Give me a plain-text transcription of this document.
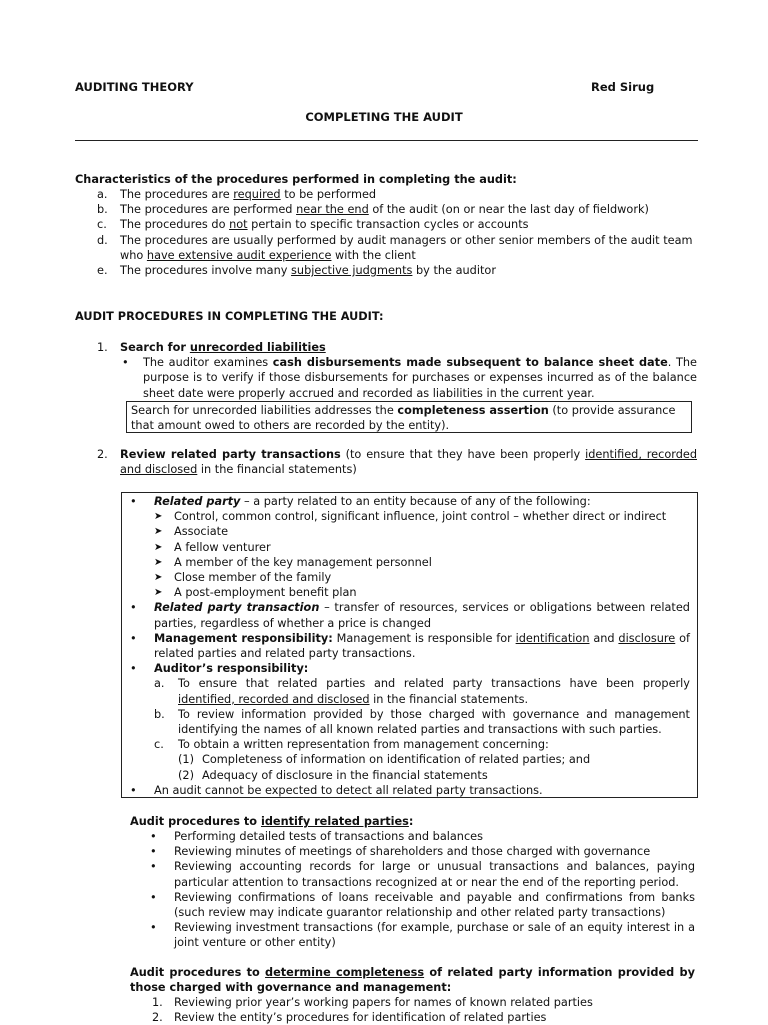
AUDITING THEORY	Red Sirug
COMPLETING THE AUDIT
Characteristics of the procedures performed in completing the audit:
a. The procedures are required to be performed
b. The procedures are performed near the end of the audit (on or near the last day of fieldwork)
c. The procedures do not pertain to specific transaction cycles or accounts
d. The procedures are usually performed by audit managers or other senior members of the audit team who have extensive audit experience with the client
e. The procedures involve many subjective judgments by the auditor
AUDIT PROCEDURES IN COMPLETING THE AUDIT:
1. Search for unrecorded liabilities
•
The auditor examines cash disbursements made subsequent to balance sheet date. The purpose is to verify if those disbursements for purchases or expenses incurred as of the balance sheet date were properly accrued and recorded as liabilities in the current year.
Search for unrecorded liabilities addresses the completeness assertion (to provide assurance that amount owed to others are recorded by the entity).
2. Review related party transactions (to ensure that they have been properly identified, recorded and disclosed in the financial statements)
•
Related party – a party related to an entity because of any of the following:
➤ Control, common control, significant influence, joint control – whether direct or indirect
➤ Associate
➤ A fellow venturer
➤ A member of the key management personnel
➤ Close member of the family
➤ A post-employment benefit plan
•
Related party transaction – transfer of resources, services or obligations between related parties, regardless of whether a price is changed
•
Management responsibility: Management is responsible for identification and disclosure of related parties and related party transactions.
•
Auditor’s responsibility:
a. To ensure that related parties and related party transactions have been properly identified, recorded and disclosed in the financial statements.
b. To review information provided by those charged with governance and management identifying the names of all known related parties and transactions with such parties.
c. To obtain a written representation from management concerning:
(1) Completeness of information on identification of related parties; and
(2) Adequacy of disclosure in the financial statements
•
An audit cannot be expected to detect all related party transactions.
Audit procedures to identify related parties:
•
Performing detailed tests of transactions and balances
•
Reviewing minutes of meetings of shareholders and those charged with governance
•
Reviewing accounting records for large or unusual transactions and balances, paying particular attention to transactions recognized at or near the end of the reporting period.
•
Reviewing confirmations of loans receivable and payable and confirmations from banks (such review may indicate guarantor relationship and other related party transactions)
•
Reviewing investment transactions (for example, purchase or sale of an equity interest in a joint venture or other entity)
Audit procedures to determine completeness of related party information provided by those charged with governance and management:
1. Reviewing prior year’s working papers for names of known related parties
2. Review the entity’s procedures for identification of related parties
